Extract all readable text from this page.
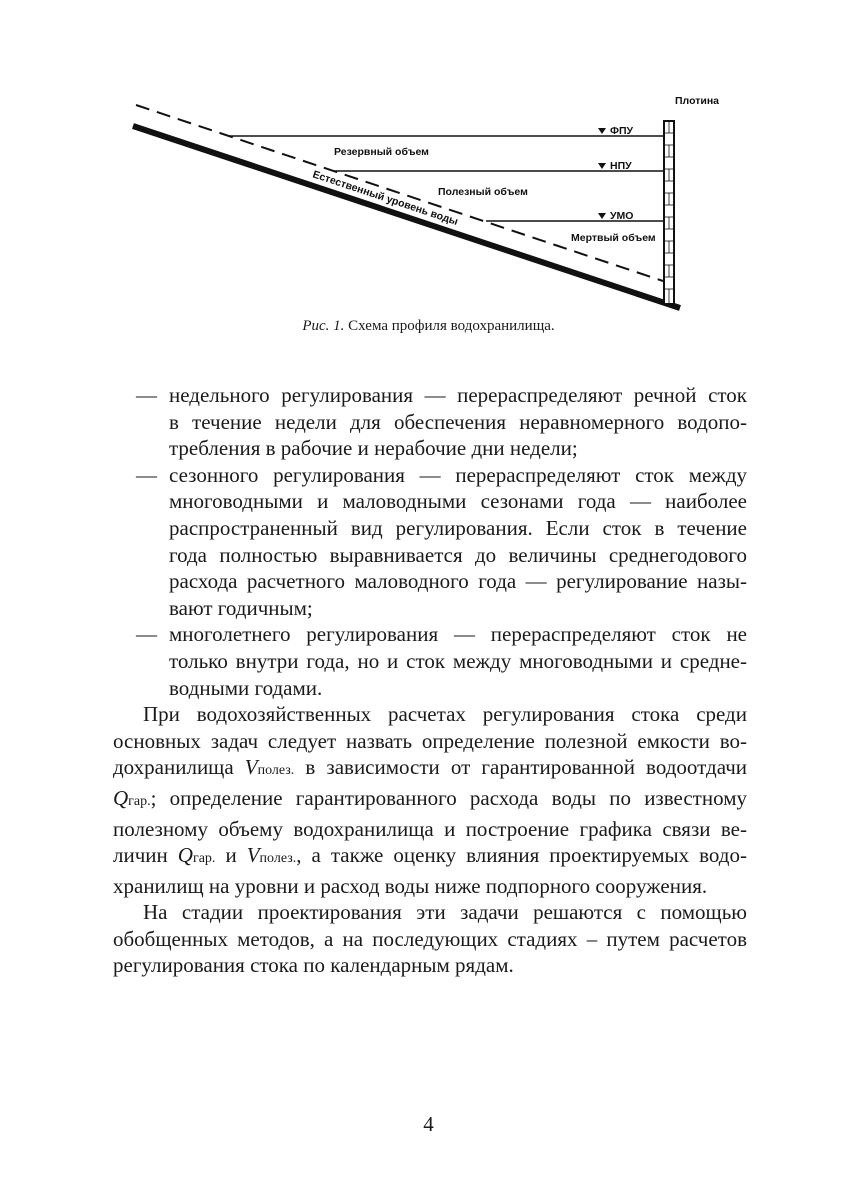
Плотина
ФПУ
НПУ
УМО
Резервный объем
Полезный объем
Мертвый объем
Естественный уровень воды
Рис. 1. Схема профиля водохранилища.
— недельного регулирования — перераспределяют речной сток
в течение недели для обеспечения неравномерного водопо-
требления в рабочие и нерабочие дни недели;
— сезонного регулирования — перераспределяют сток между
многоводными и маловодными сезонами года — наиболее
распространенный вид регулирования. Если сток в течение
года полностью выравнивается до величины среднегодового
расхода расчетного маловодного года — регулирование назы-
вают годичным;
— многолетнего регулирования — перераспределяют сток не
только внутри года, но и сток между многоводными и средне-
водными годами.
При водохозяйственных расчетах регулирования стока среди
основных задач следует назвать определение полезной емкости во-
дохранилища Vполез. в зависимости от гарантированной водоотдачи
Qгар.; определение гарантированного расхода воды по известному
полезному объему водохранилища и построение графика связи ве-
личин Qгар. и Vполез., а также оценку влияния проектируемых водо-
хранилищ на уровни и расход воды ниже подпорного сооружения.
На стадии проектирования эти задачи решаются с помощью
обобщенных методов, а на последующих стадиях – путем расчетов
регулирования стока по календарным рядам.
4
